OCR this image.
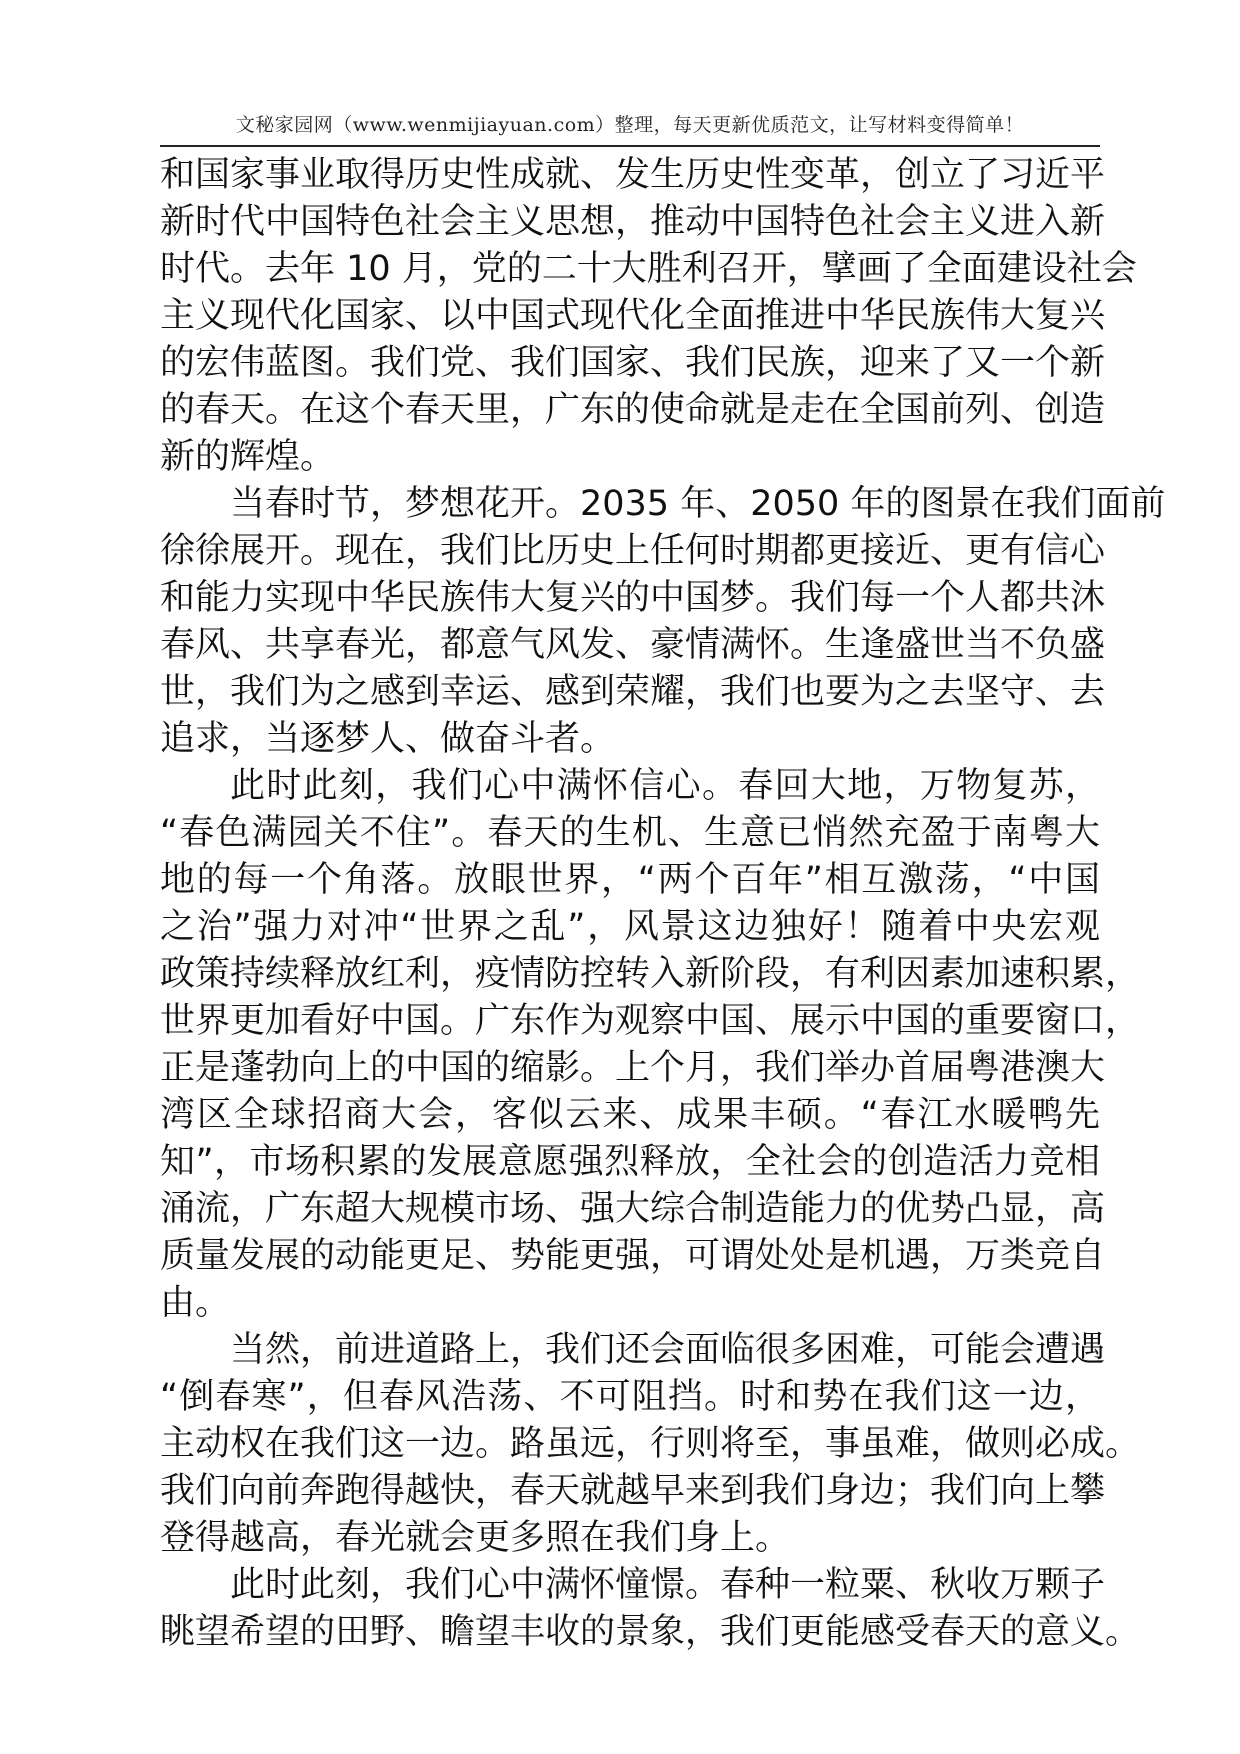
文秘家园网（www.wenmijiayuan.com）整理，每天更新优质范文，让写材料变得简单！
和国家事业取得历史性成就、发生历史性变革，创立了习近平
新时代中国特色社会主义思想，推动中国特色社会主义进入新
时代。去年 10 月，党的二十大胜利召开，擘画了全面建设社会
主义现代化国家、以中国式现代化全面推进中华民族伟大复兴
的宏伟蓝图。我们党、我们国家、我们民族，迎来了又一个新
的春天。在这个春天里，广东的使命就是走在全国前列、创造
新的辉煌。
当春时节，梦想花开。2035 年、2050 年的图景在我们面前
徐徐展开。现在，我们比历史上任何时期都更接近、更有信心
和能力实现中华民族伟大复兴的中国梦。我们每一个人都共沐
春风、共享春光，都意气风发、豪情满怀。生逢盛世当不负盛
世，我们为之感到幸运、感到荣耀，我们也要为之去坚守、去
追求，当逐梦人、做奋斗者。
此时此刻，我们心中满怀信心。春回大地，万物复苏，
“春色满园关不住”。春天的生机、生意已悄然充盈于南粤大
地的每一个角落。放眼世界，“两个百年”相互激荡，“中国
之治”强力对冲“世界之乱”，风景这边独好！随着中央宏观
政策持续释放红利，疫情防控转入新阶段，有利因素加速积累，
世界更加看好中国。广东作为观察中国、展示中国的重要窗口，
正是蓬勃向上的中国的缩影。上个月，我们举办首届粤港澳大
湾区全球招商大会，客似云来、成果丰硕。“春江水暖鸭先
知”，市场积累的发展意愿强烈释放，全社会的创造活力竞相
涌流，广东超大规模市场、强大综合制造能力的优势凸显，高
质量发展的动能更足、势能更强，可谓处处是机遇，万类竞自
由。
当然，前进道路上，我们还会面临很多困难，可能会遭遇
“倒春寒”，但春风浩荡、不可阻挡。时和势在我们这一边，
主动权在我们这一边。路虽远，行则将至，事虽难，做则必成。
我们向前奔跑得越快，春天就越早来到我们身边；我们向上攀
登得越高，春光就会更多照在我们身上。
此时此刻，我们心中满怀憧憬。春种一粒粟、秋收万颗子
眺望希望的田野、瞻望丰收的景象，我们更能感受春天的意义。
